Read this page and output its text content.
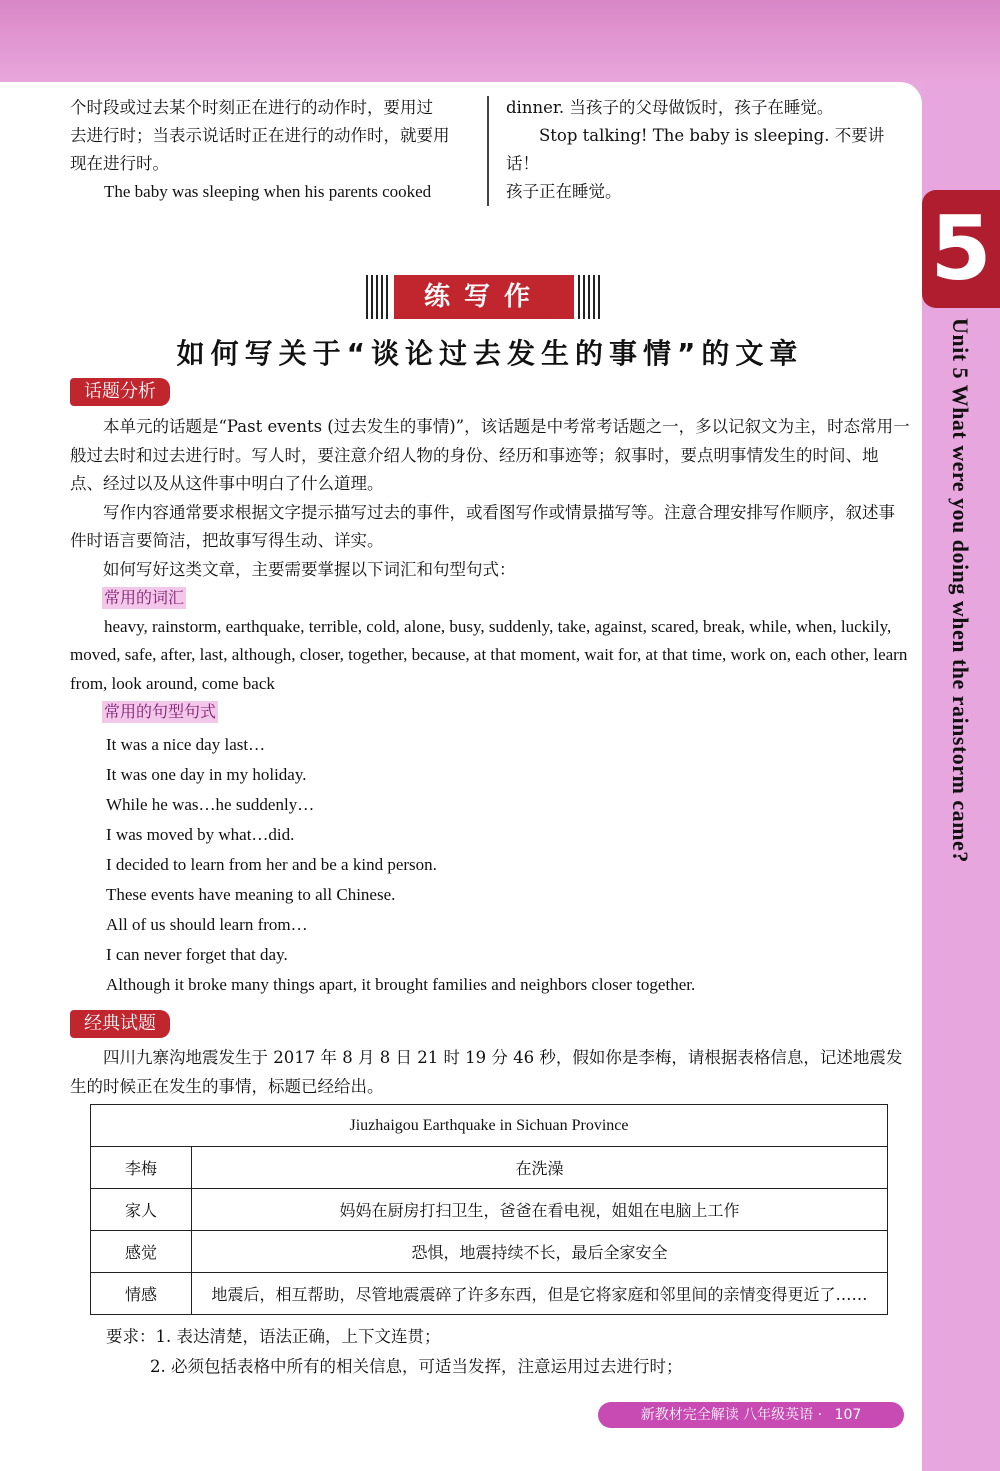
5
Unit 5 What were you doing when the rainstorm came?

个时段或过去某个时刻正在进行的动作时，要用过

去进行时；当表示说话时正在进行的动作时，就要用

现在进行时。

The baby was sleeping when his parents cooked

dinner. 当孩子的父母做饭时，孩子在睡觉。

Stop talking! The baby is sleeping. 不要讲话！

孩子正在睡觉。

练写作
如何写关于“谈论过去发生的事情”的文章
话题分析

本单元的话题是“Past events (过去发生的事情)”，该话题是中考常考话题之一，多以记叙文为主，时态常用一般过去时和过去进行时。写人时，要注意介绍人物的身份、经历和事迹等；叙事时，要点明事情发生的时间、地点、经过以及从这件事中明白了什么道理。

写作内容通常要求根据文字提示描写过去的事件，或看图写作或情景描写等。注意合理安排写作顺序，叙述事件时语言要简洁，把故事写得生动、详实。

如何写好这类文章，主要需要掌握以下词汇和句型句式：

常用的词汇

heavy, rainstorm, earthquake, terrible, cold, alone, busy, suddenly, take, against, scared, break, while, when, luckily, moved, safe, after, last, although, closer, together, because, at that moment, wait for, at that time, work on, each other, learn from, look around, come back

常用的句型句式

It was a nice day last…
It was one day in my holiday.
While he was…he suddenly…
I was moved by what…did.
I decided to learn from her and be a kind person.
These events have meaning to all Chinese.
All of us should learn from…
I can never forget that day.
Although it broke many things apart, it brought families and neighbors closer together.
经典试题

四川九寨沟地震发生于 2017 年 8 月 8 日 21 时 19 分 46 秒，假如你是李梅，请根据表格信息，记述地震发生的时候正在发生的事情，标题已经给出。

Jiuzhaigou Earthquake in Sichuan Province	
李梅	在洗澡
家人	妈妈在厨房打扫卫生，爸爸在看电视，姐姐在电脑上工作
感觉	恐惧，地震持续不长，最后全家安全
情感	地震后，相互帮助，尽管地震震碎了许多东西，但是它将家庭和邻里间的亲情变得更近了……

要求：1. 表达清楚，语法正确，上下文连贯；

2. 必须包括表格中所有的相关信息，可适当发挥，注意运用过去进行时；

新教材完全解读 八年级英语 · 107
